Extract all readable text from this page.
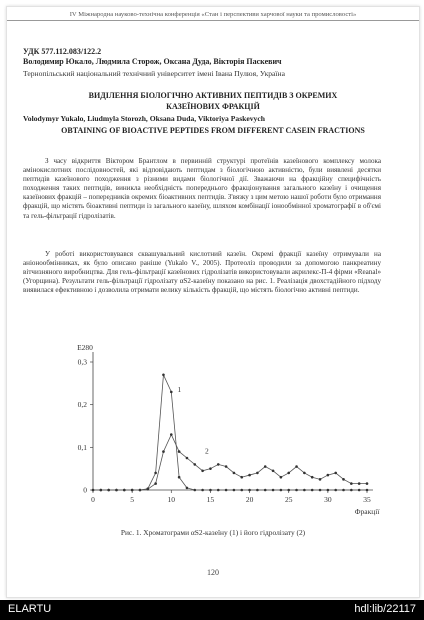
IV Міжнародна науково-технічна конференція «Стан і перспективи харчової науки та промисловості»
УДК 577.112.083/122.2
Володимир Юкало, Людмила Сторож, Оксана Дуда, Вікторія Паскевич
Тернопільський національний технічний університет імені Івана Пулюя, Україна
ВИДІЛЕННЯ БІОЛОГІЧНО АКТИВНИХ ПЕПТИДІВ З ОКРЕМИХ КАЗЕЇНОВИХ ФРАКЦІЙ
Volodymyr Yukalo, Liudmyla Storozh, Oksana Duda, Viktoriya Paskevych
OBTAINING OF BIOACTIVE PEPTIDES FROM DIFFERENT CASEIN FRACTIONS
З часу відкриття Віктором Брантлом в первинній структурі протеїнів казеїнового комплексу молока амінокислотних послідовностей, які відповідають пептидам з біологічною активністю, були виявлені десятки пептидів казеїнового походження з різними видами біологічної дії. Зважаючи на фракційну специфічність походження таких пептидів, виникла необхідність попереднього фракціонування загального казеїну і очищення казеїнових фракцій – попередників окремих біоактивних пептидів. З'вязку з цим метою нашої роботи було отримання фракцій, що містять біоактивні пептиди із загального казеїну, шляхом комбінації іонообмінної хроматографії в об'ємі та гель-фільтрації гідролізатів.
У роботі використовувався сквашувальний кислотний казеїн. Окремі фракції казеїну отримували на аніонообмінниках, як було описано раніше (Yukalo V., 2005). Протеоліз проводили за допомогою панкреатину вітчизняного виробництва. Для гель-фільтрації казеїнових гідролізатів використовували акрилекс-П-4 фірми «Reanal» (Угорщина). Результати гель-фільтрації гідролізату αS2-казеїну показано на рис. 1. Реалізація двохстадійного підходу виявилася ефективною і дозволила отримати велику кількість фракцій, що містять біологічно активні пептиди.
0
0,1
0,2
0,3
0	5	10	15	20	25	30	35
E280
Фракції
1
2
Рис. 1. Хроматограми αS2-казеїну (1) і його гідролізату (2)
120
ELARTU	hdl:lib/22117
